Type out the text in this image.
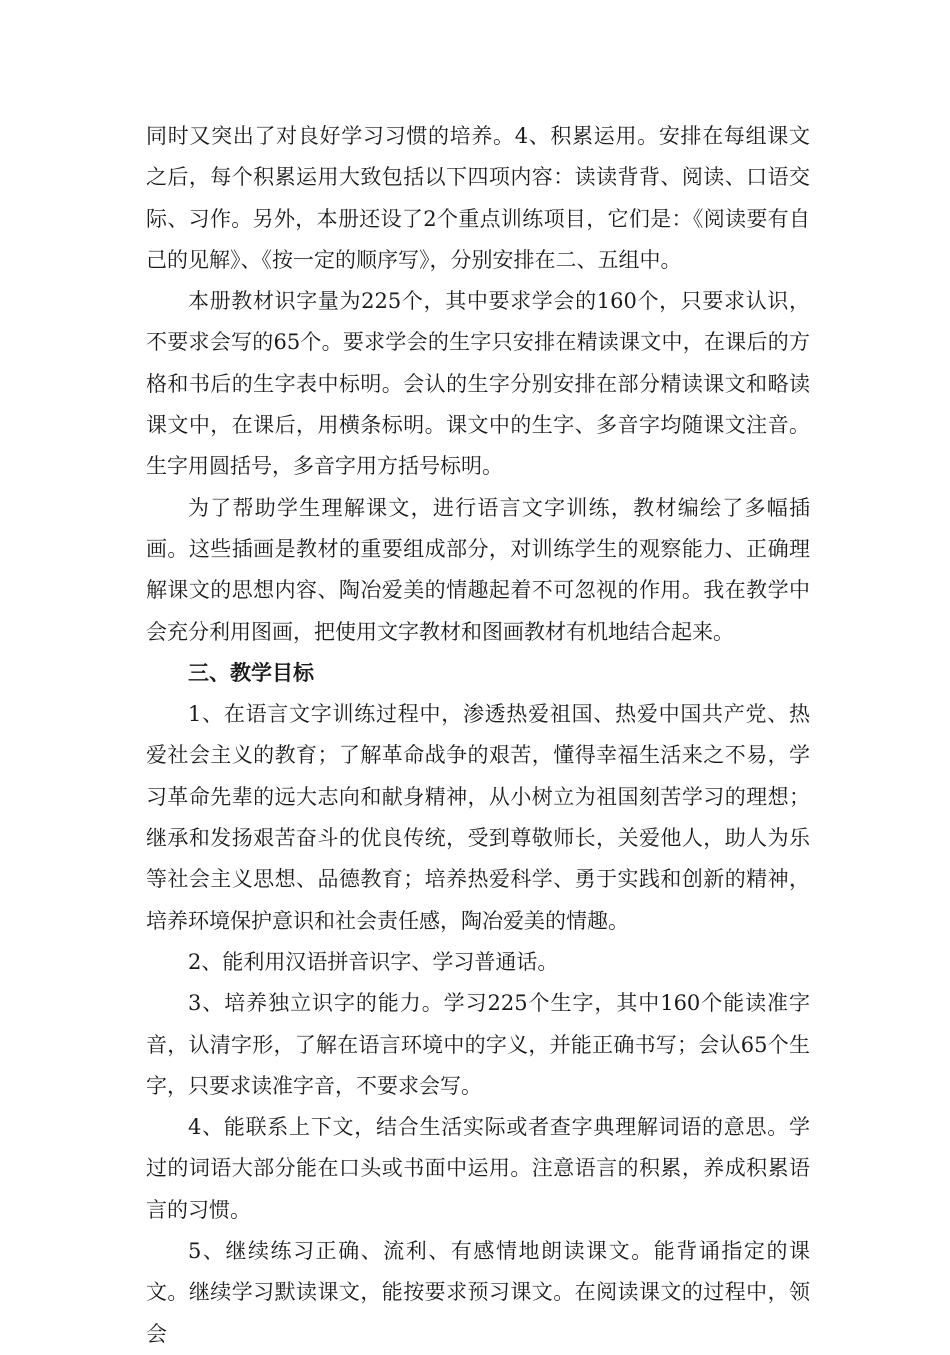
同时又突出了对良好学习习惯的培养。4、积累运用。安排在每组课文之后，每个积累运用大致包括以下四项内容：读读背背、阅读、口语交际、习作。另外，本册还设了2个重点训练项目，它们是：《阅读要有自己的见解》、《按一定的顺序写》，分别安排在二、五组中。

本册教材识字量为225个，其中要求学会的160个，只要求认识，不要求会写的65个。要求学会的生字只安排在精读课文中，在课后的方格和书后的生字表中标明。会认的生字分别安排在部分精读课文和略读课文中，在课后，用横条标明。课文中的生字、多音字均随课文注音。生字用圆括号，多音字用方括号标明。

为了帮助学生理解课文，进行语言文字训练，教材编绘了多幅插画。这些插画是教材的重要组成部分，对训练学生的观察能力、正确理解课文的思想内容、陶冶爱美的情趣起着不可忽视的作用。我在教学中会充分利用图画，把使用文字教材和图画教材有机地结合起来。

三、教学目标

1、在语言文字训练过程中，渗透热爱祖国、热爱中国共产党、热爱社会主义的教育；了解革命战争的艰苦，懂得幸福生活来之不易，学习革命先辈的远大志向和献身精神，从小树立为祖国刻苦学习的理想；继承和发扬艰苦奋斗的优良传统，受到尊敬师长，关爱他人，助人为乐等社会主义思想、品德教育；培养热爱科学、勇于实践和创新的精神，培养环境保护意识和社会责任感，陶冶爱美的情趣。

2、能利用汉语拼音识字、学习普通话。

3、培养独立识字的能力。学习225个生字，其中160个能读准字音，认清字形，了解在语言环境中的字义，并能正确书写；会认65个生字，只要求读准字音，不要求会写。

4、能联系上下文，结合生活实际或者查字典理解词语的意思。学过的词语大部分能在口头或书面中运用。注意语言的积累，养成积累语言的习惯。

5、继续练习正确、流利、有感情地朗读课文。能背诵指定的课文。继续学习默读课文，能按要求预习课文。在阅读课文的过程中，领会
